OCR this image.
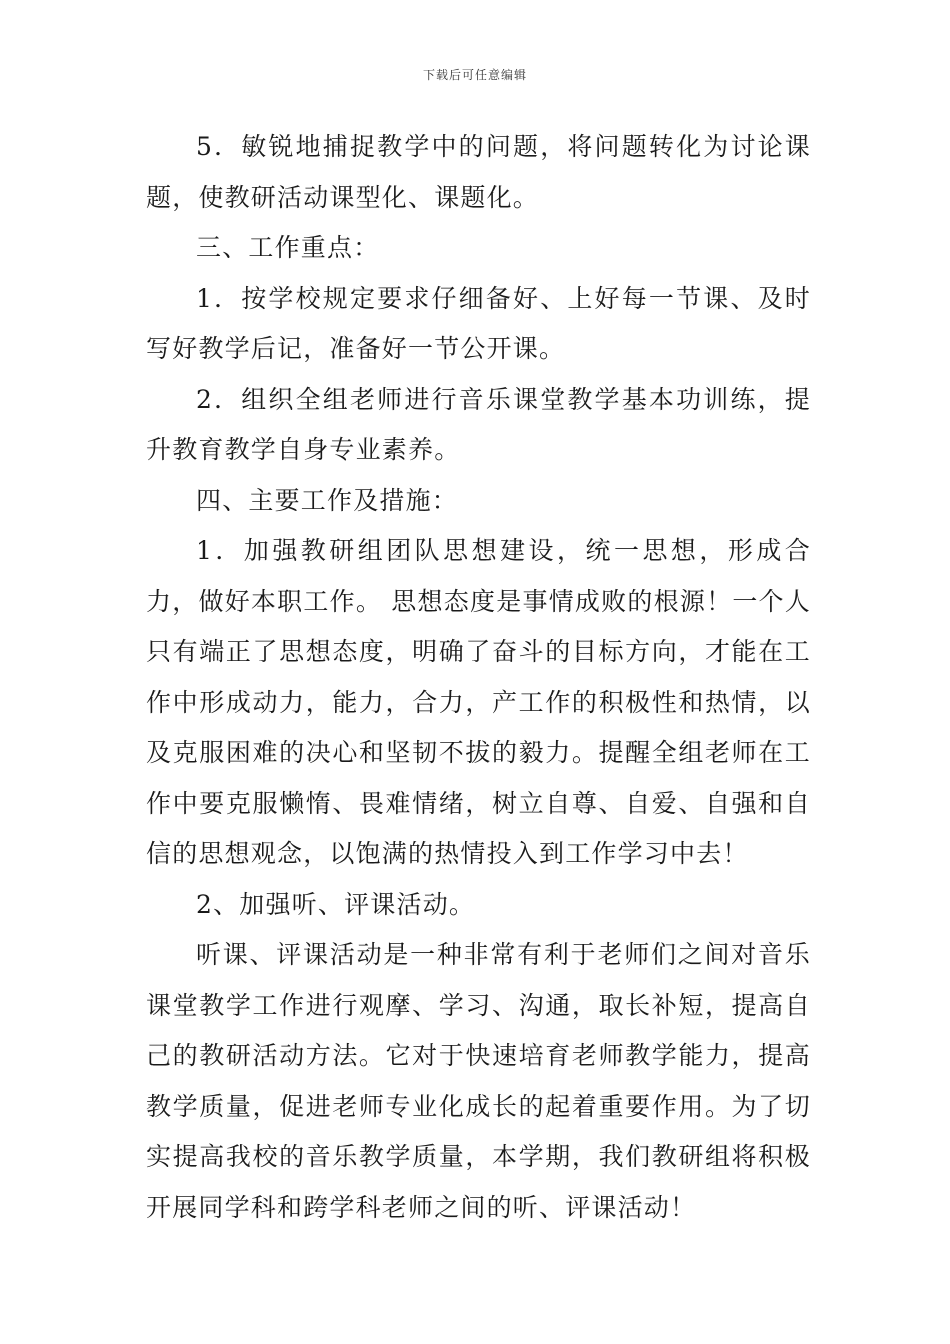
下载后可任意编辑

5．敏锐地捕捉教学中的问题，将问题转化为讨论课题，使教研活动课型化、课题化。

三、工作重点：

1．按学校规定要求仔细备好、上好每一节课、及时写好教学后记，准备好一节公开课。

2．组织全组老师进行音乐课堂教学基本功训练，提升教育教学自身专业素养。

四、主要工作及措施：

1．加强教研组团队思想建设，统一思想，形成合力，做好本职工作。 思想态度是事情成败的根源！一个人只有端正了思想态度，明确了奋斗的目标方向，才能在工作中形成动力，能力，合力，产工作的积极性和热情，以及克服困难的决心和坚韧不拔的毅力。提醒全组老师在工作中要克服懒惰、畏难情绪，树立自尊、自爱、自强和自信的思想观念，以饱满的热情投入到工作学习中去！

2、加强听、评课活动。

听课、评课活动是一种非常有利于老师们之间对音乐课堂教学工作进行观摩、学习、沟通，取长补短，提高自己的教研活动方法。它对于快速培育老师教学能力，提高教学质量，促进老师专业化成长的起着重要作用。为了切实提高我校的音乐教学质量，本学期，我们教研组将积极开展同学科和跨学科老师之间的听、评课活动！
